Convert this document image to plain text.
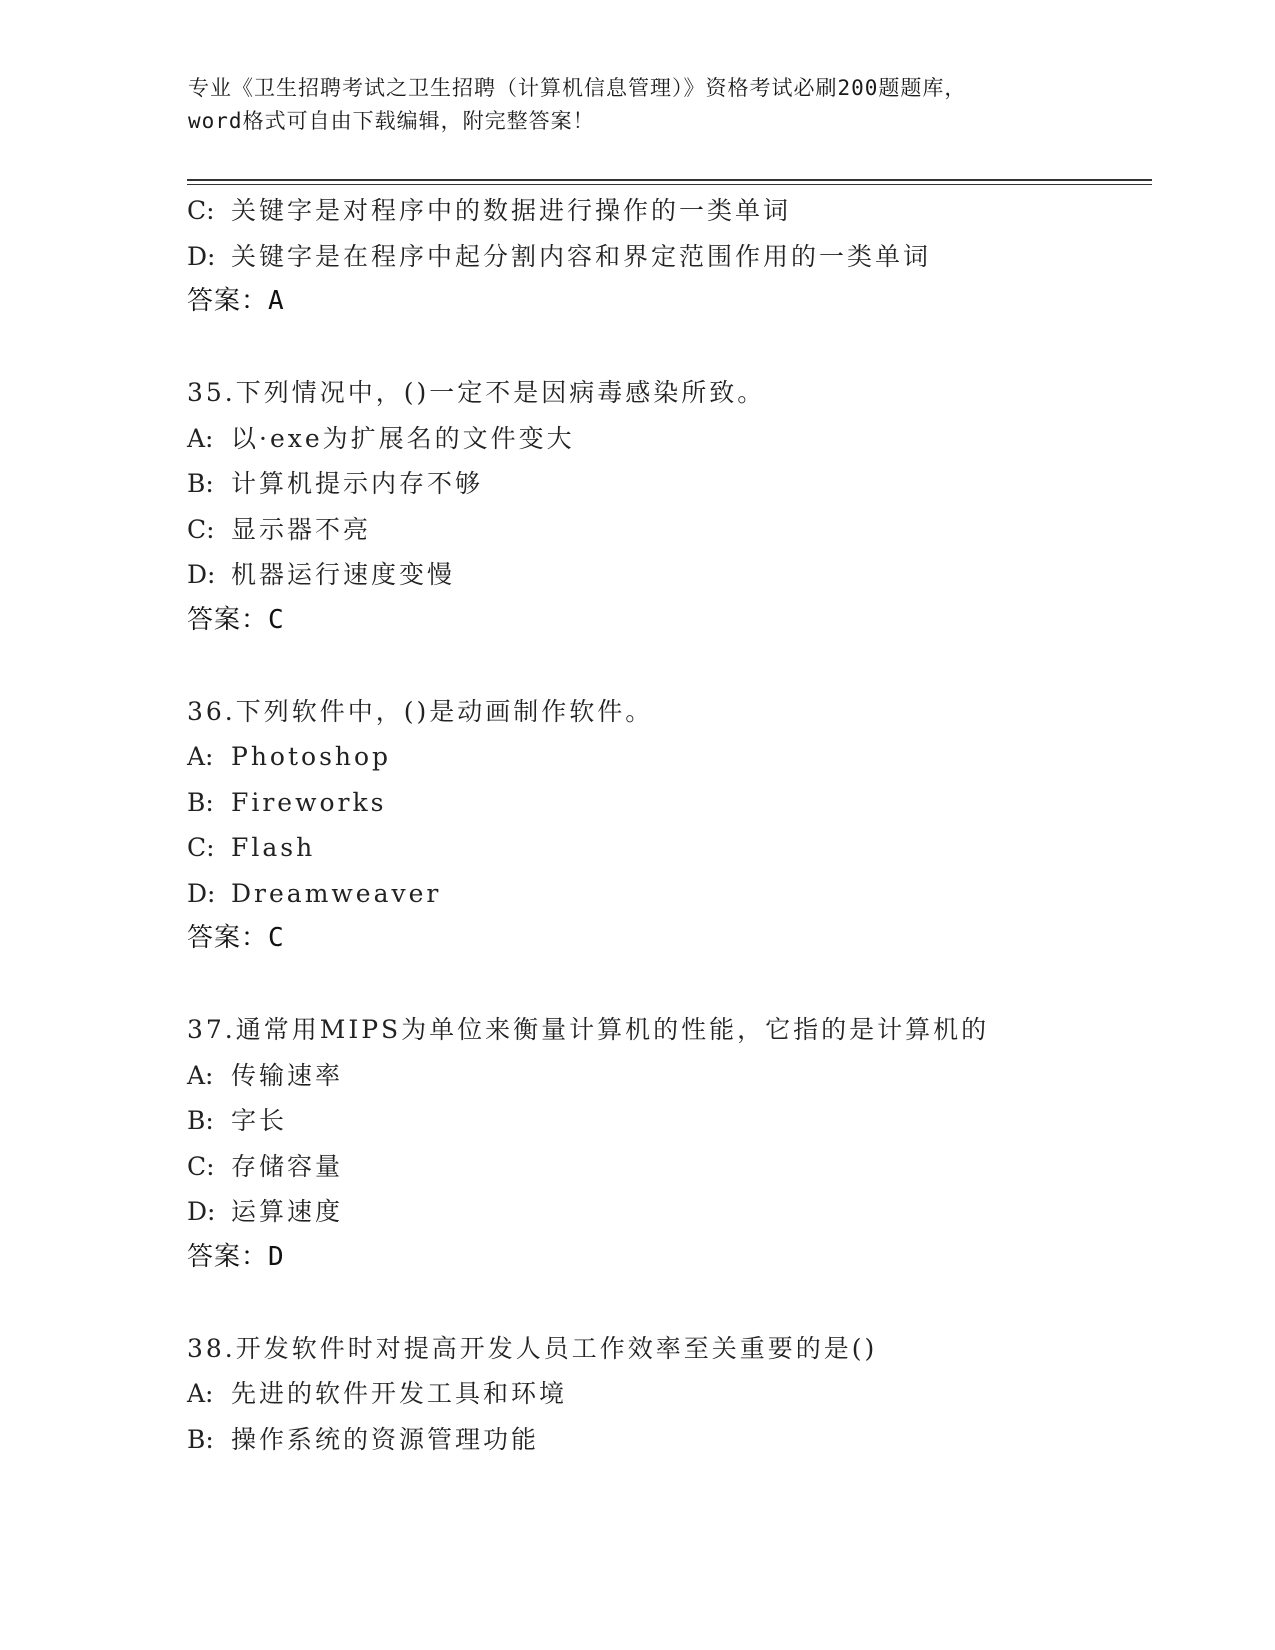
专业《卫生招聘考试之卫生招聘（计算机信息管理）》资格考试必刷200题题库，
word格式可自由下载编辑，附完整答案！
C: 关键字是对程序中的数据进行操作的一类单词
D: 关键字是在程序中起分割内容和界定范围作用的一类单词
答案：A
35.下列情况中，()一定不是因病毒感染所致。
A: 以·exe为扩展名的文件变大
B: 计算机提示内存不够
C: 显示器不亮
D: 机器运行速度变慢
答案：C
36.下列软件中，()是动画制作软件。
A: Photoshop
B: Fireworks
C: Flash
D: Dreamweaver
答案：C
37.通常用MIPS为单位来衡量计算机的性能，它指的是计算机的
A: 传输速率
B: 字长
C: 存储容量
D: 运算速度
答案：D
38.开发软件时对提高开发人员工作效率至关重要的是()
A: 先进的软件开发工具和环境
B: 操作系统的资源管理功能
